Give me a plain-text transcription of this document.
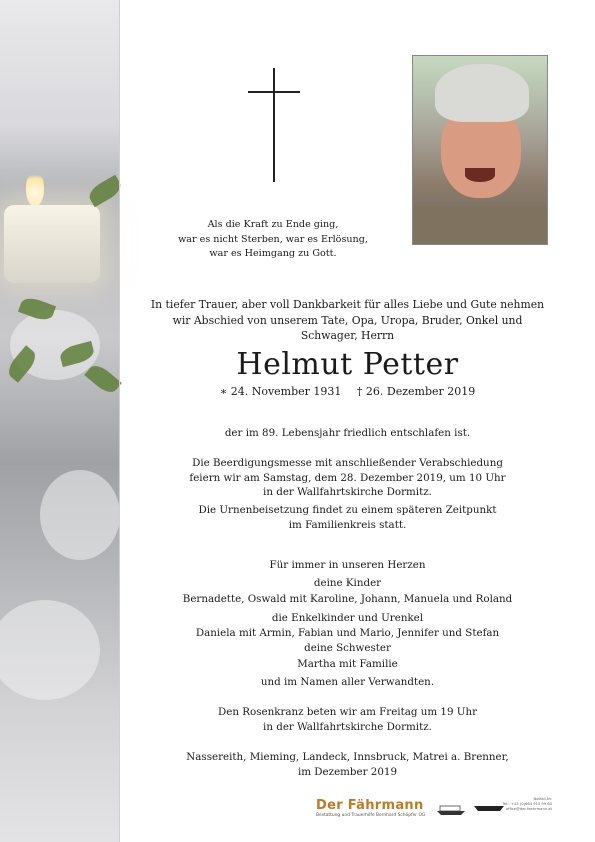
Als die Kraft zu Ende ging,
war es nicht Sterben, war es Erlösung,
war es Heimgang zu Gott.
In tiefer Trauer, aber voll Dankbarkeit für alles Liebe und Gute nehmen wir Abschied von unserem Tate, Opa, Uropa, Bruder, Onkel und Schwager, Herrn
Helmut Petter
∗ 24. November 1931 † 26. Dezember 2019

der im 89. Lebensjahr friedlich entschlafen ist.

Die Beerdigungsmesse mit anschließender Verabschiedung

feiern wir am Samstag, dem 28. Dezember 2019, um 10 Uhr

in der Wallfahrtskirche Dormitz.

Die Urnenbeisetzung findet zu einem späteren Zeitpunkt

im Familienkreis statt.

Für immer in unseren Herzen

deine Kinder

Bernadette, Oswald mit Karoline, Johann, Manuela und Roland

die Enkelkinder und Urenkel

Daniela mit Armin, Fabian und Mario, Jennifer und Stefan

deine Schwester

Martha mit Familie

und im Namen aller Verwandten.

Den Rosenkranz beten wir am Freitag um 19 Uhr

in der Wallfahrtskirche Dormitz.

Nassereith, Mieming, Landeck, Innsbruck, Matrei a. Brenner,

im Dezember 2019

Der Fährmann
Bestattung und Trauerhilfe Bernhard Schöpfer OG
Notfall-Nr.
Tel.: +43 (0)664 915 99 60
office@der-faehrmann.at
